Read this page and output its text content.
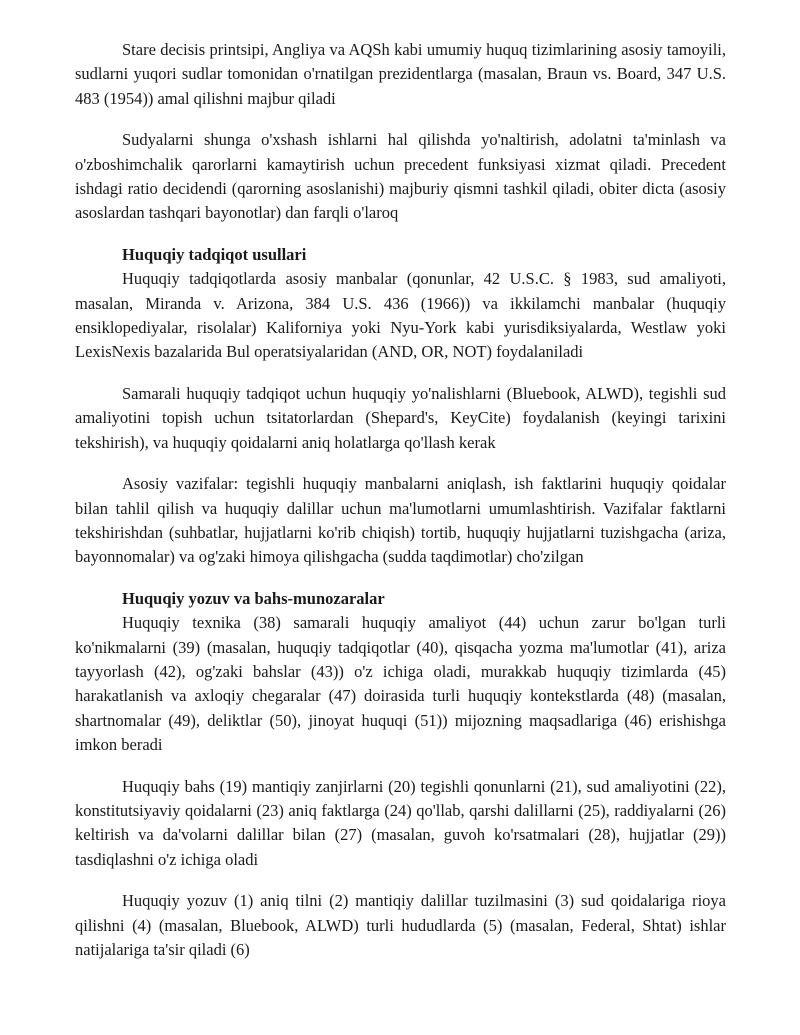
Stare decisis printsipi, Angliya va AQSh kabi umumiy huquq tizimlarining asosiy tamoyili, sudlarni yuqori sudlar tomonidan o'rnatilgan prezidentlarga (masalan, Braun vs. Board, 347 U.S. 483 (1954)) amal qilishni majbur qiladi

Sudyalarni shunga o'xshash ishlarni hal qilishda yo'naltirish, adolatni ta'minlash va o'zboshimchalik qarorlarni kamaytirish uchun precedent funksiyasi xizmat qiladi. Precedent ishdagi ratio decidendi (qarorning asoslanishi) majburiy qismni tashkil qiladi, obiter dicta (asosiy asoslardan tashqari bayonotlar) dan farqli o'laroq

Huquqiy tadqiqot usullari

Huquqiy tadqiqotlarda asosiy manbalar (qonunlar, 42 U.S.C. § 1983, sud amaliyoti, masalan, Miranda v. Arizona, 384 U.S. 436 (1966)) va ikkilamchi manbalar (huquqiy ensiklopediyalar, risolalar) Kaliforniya yoki Nyu-York kabi yurisdiksiyalarda, Westlaw yoki LexisNexis bazalarida Bul operatsiyalaridan (AND, OR, NOT) foydalaniladi

Samarali huquqiy tadqiqot uchun huquqiy yo'nalishlarni (Bluebook, ALWD), tegishli sud amaliyotini topish uchun tsitatorlardan (Shepard's, KeyCite) foydalanish (keyingi tarixini tekshirish), va huquqiy qoidalarni aniq holatlarga qo'llash kerak

Asosiy vazifalar: tegishli huquqiy manbalarni aniqlash, ish faktlarini huquqiy qoidalar bilan tahlil qilish va huquqiy dalillar uchun ma'lumotlarni umumlashtirish. Vazifalar faktlarni tekshirishdan (suhbatlar, hujjatlarni ko'rib chiqish) tortib, huquqiy hujjatlarni tuzishgacha (ariza, bayonnomalar) va og'zaki himoya qilishgacha (sudda taqdimotlar) cho'zilgan

Huquqiy yozuv va bahs-munozaralar

Huquqiy texnika (38) samarali huquqiy amaliyot (44) uchun zarur bo'lgan turli ko'nikmalarni (39) (masalan, huquqiy tadqiqotlar (40), qisqacha yozma ma'lumotlar (41), ariza tayyorlash (42), og'zaki bahslar (43)) o'z ichiga oladi, murakkab huquqiy tizimlarda (45) harakatlanish va axloqiy chegaralar (47) doirasida turli huquqiy kontekstlarda (48) (masalan, shartnomalar (49), deliktlar (50), jinoyat huquqi (51)) mijozning maqsadlariga (46) erishishga imkon beradi

Huquqiy bahs (19) mantiqiy zanjirlarni (20) tegishli qonunlarni (21), sud amaliyotini (22), konstitutsiyaviy qoidalarni (23) aniq faktlarga (24) qo'llab, qarshi dalillarni (25), raddiyalarni (26) keltirish va da'volarni dalillar bilan (27) (masalan, guvoh ko'rsatmalari (28), hujjatlar (29)) tasdiqlashni o'z ichiga oladi

Huquqiy yozuv (1) aniq tilni (2) mantiqiy dalillar tuzilmasini (3) sud qoidalariga rioya qilishni (4) (masalan, Bluebook, ALWD) turli hududlarda (5) (masalan, Federal, Shtat) ishlar natijalariga ta'sir qiladi (6)
